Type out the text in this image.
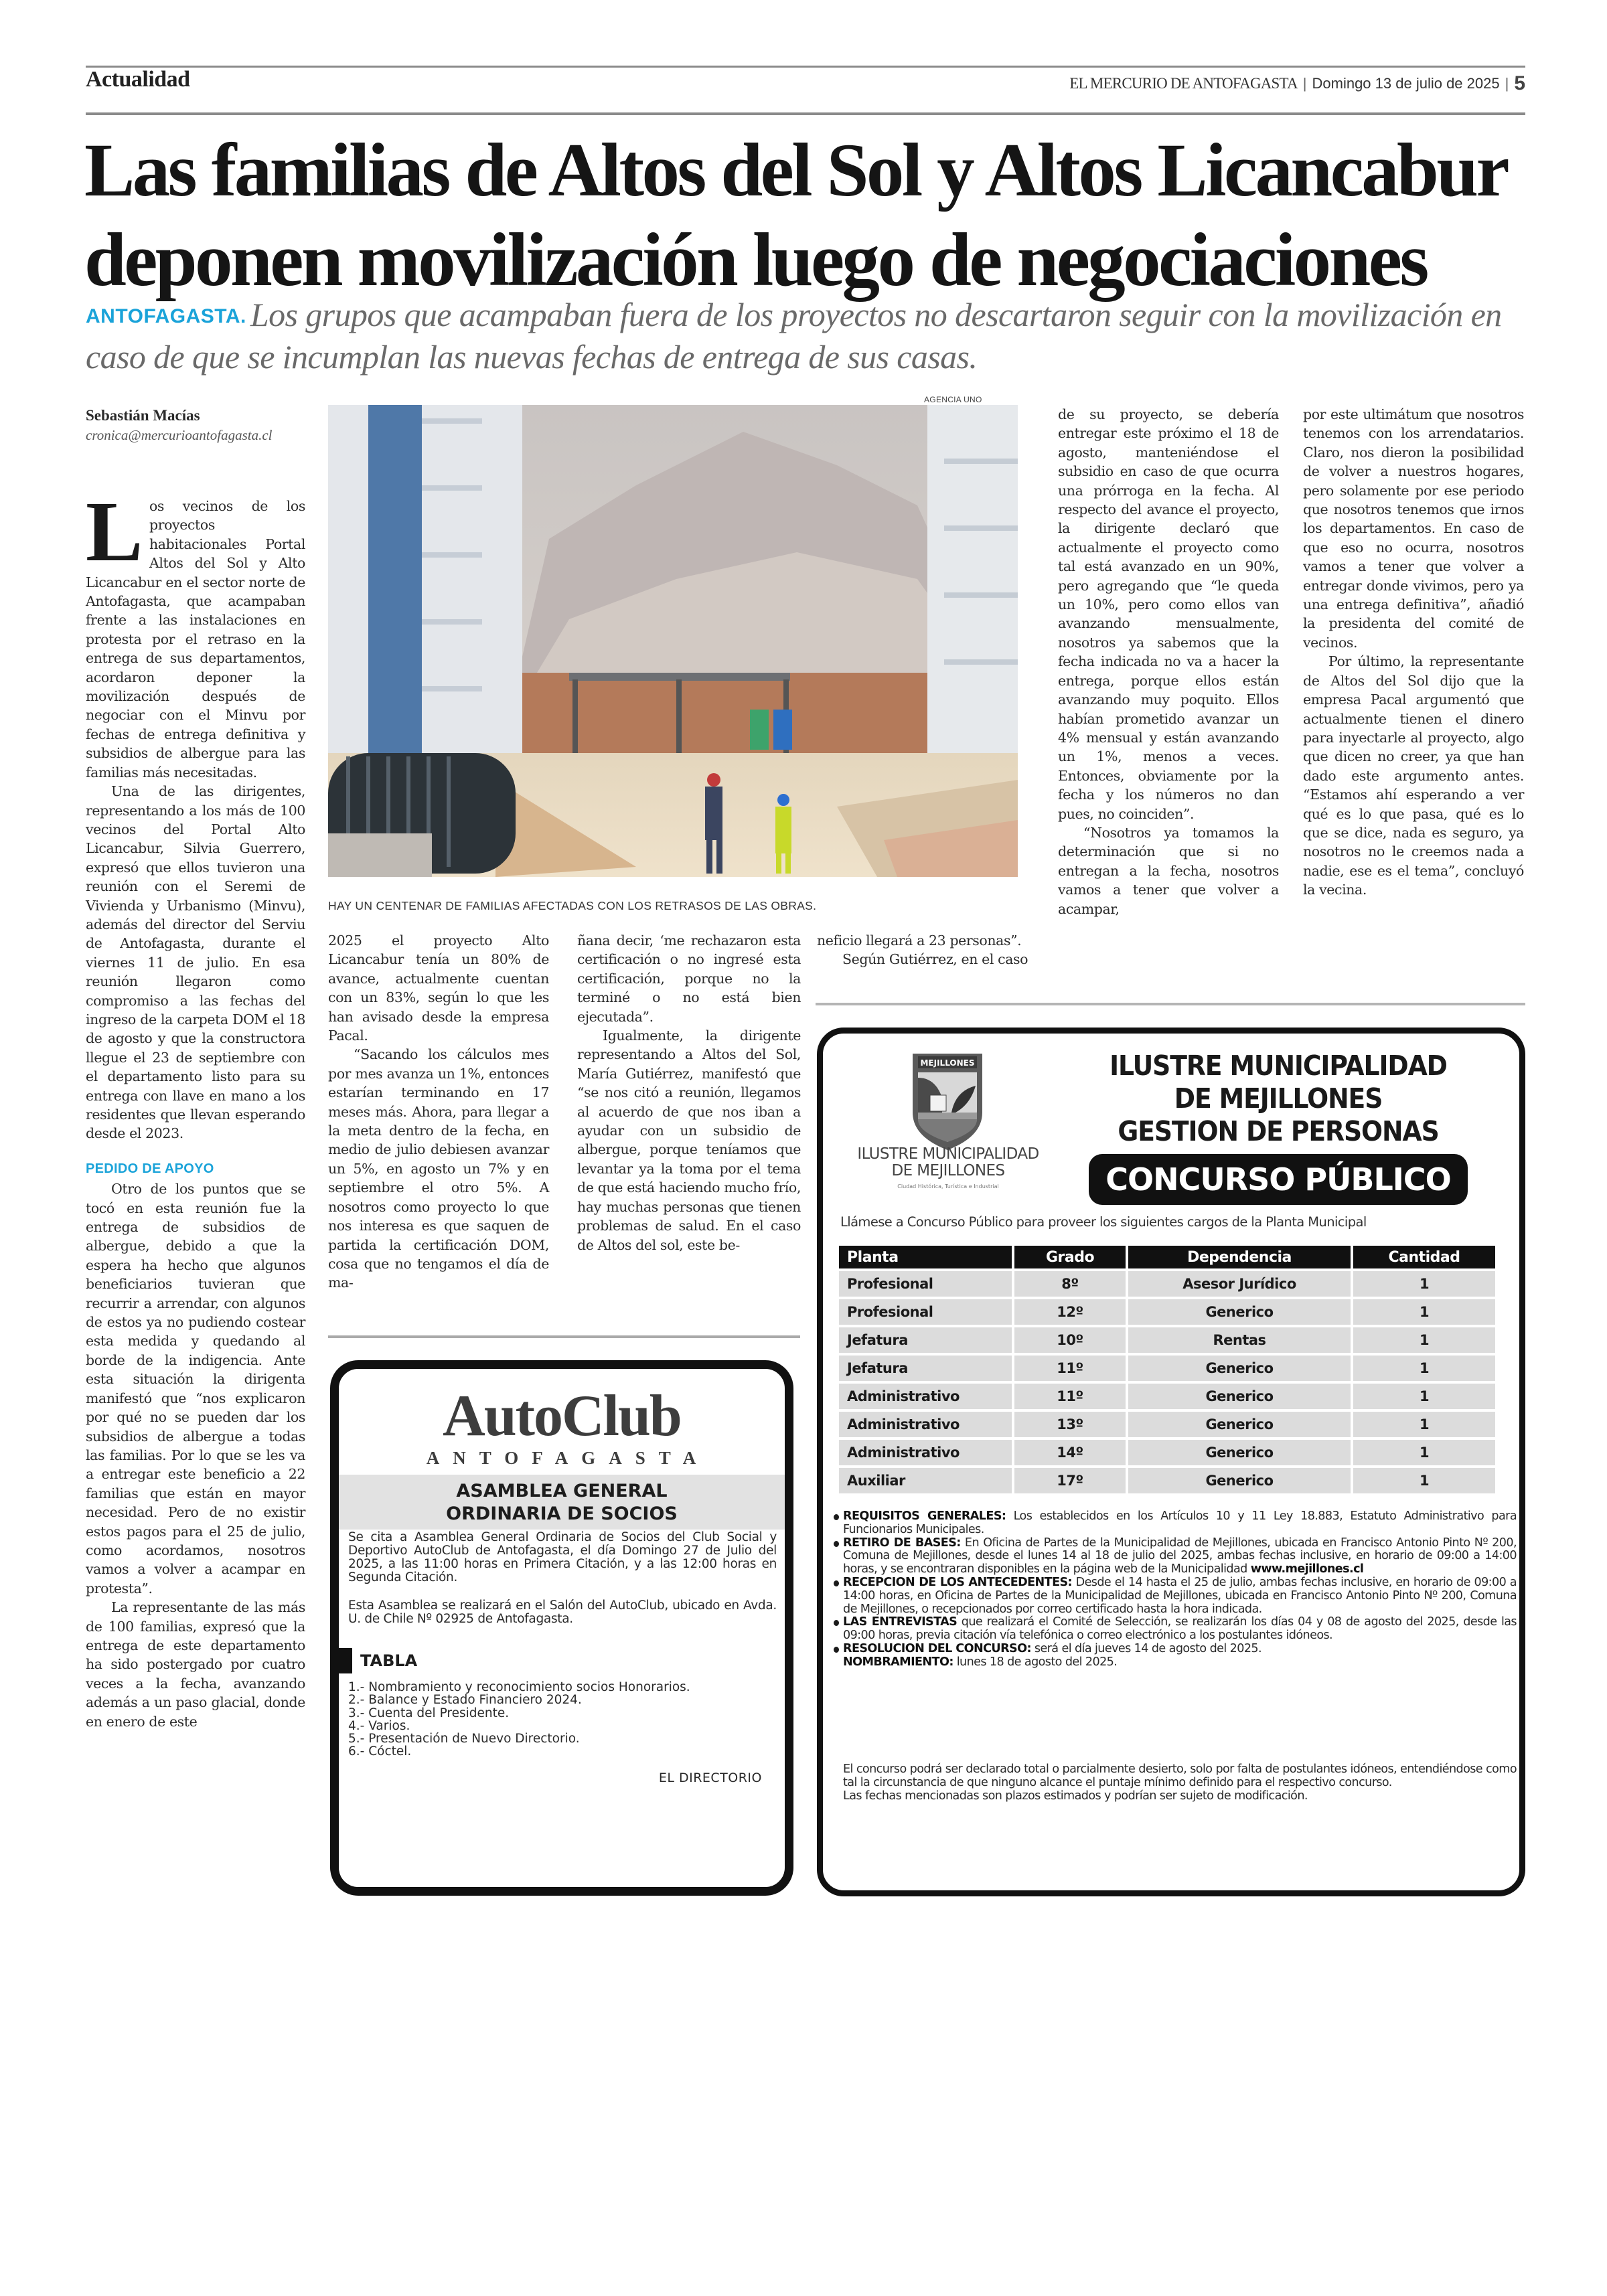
Actualidad	EL MERCURIO DE ANTOFAGASTA | Domingo 13 de julio de 2025 | 5
Las familias de Altos del Sol y Altos Licancabur
deponen movilización luego de negociaciones
ANTOFAGASTA. Los grupos que acampaban fuera de los proyectos no descartaron seguir con la movilización en caso de que se incumplan las nuevas fechas de entrega de sus casas.
Sebastián Macías
cronica@mercurioantofagasta.cl

Los vecinos de los proyectos habitacionales Portal Altos del Sol y Alto Licancabur en el sector norte de Antofagasta, que acampaban frente a las instalaciones en protesta por el retraso en la entrega de sus departamentos, acordaron deponer la movilización después de negociar con el Minvu por fechas de entrega definitiva y subsidios de albergue para las familias más necesitadas.

Una de las dirigentes, representando a los más de 100 vecinos del Portal Alto Licancabur, Silvia Guerrero, expresó que ellos tuvieron una reunión con el Seremi de Vivienda y Urbanismo (Minvu), además del director del Serviu de Antofagasta, durante el viernes 11 de julio. En esa reunión llegaron como compromiso a las fechas del ingreso de la carpeta DOM el 18 de agosto y que la constructora llegue el 23 de septiembre con el departamento listo para su entrega con llave en mano a los residentes que llevan esperando desde el 2023.

PEDIDO DE APOYO

Otro de los puntos que se tocó en esta reunión fue la entrega de subsidios de albergue, debido a que la espera ha hecho que algunos beneficiarios tuvieran que recurrir a arrendar, con algunos de estos ya no pudiendo costear esta medida y quedando al borde de la indigencia. Ante esta situación la dirigenta manifestó que “nos explicaron por qué no se pueden dar los subsidios de albergue a todas las familias. Por lo que se les va a entregar este beneficio a 22 familias que están en mayor necesidad. Pero de no existir estos pagos para el 25 de julio, como acordamos, nosotros vamos a volver a acampar en protesta”.

La representante de las más de 100 familias, expresó que la entrega de este departamento ha sido postergado por cuatro veces a la fecha, avanzando además a un paso glacial, donde en enero de este

AGENCIA UNO
HAY UN CENTENAR DE FAMILIAS AFECTADAS CON LOS RETRASOS DE LAS OBRAS.

2025 el proyecto Alto Licancabur tenía un 80% de avance, actualmente cuentan con un 83%, según lo que les han avisado desde la empresa Pacal.

“Sacando los cálculos mes por mes avanza un 1%, entonces estarían terminando en 17 meses más. Ahora, para llegar a la meta dentro de la fecha, en medio de julio debiesen avanzar un 5%, en agosto un 7% y en septiembre el otro 5%. A nosotros como proyecto lo que nos interesa es que saquen de partida la certificación DOM, cosa que no tengamos el día de ma-

ñana decir, ‘me rechazaron esta certificación o no ingresé esta certificación, porque no la terminé o no está bien ejecutada”.

Igualmente, la dirigente representando a Altos del Sol, María Gutiérrez, manifestó que “se nos citó a reunión, llegamos al acuerdo de que nos iban a ayudar con un subsidio de albergue, porque teníamos que levantar ya la toma por el tema de que está haciendo mucho frío, hay muchas personas que tienen problemas de salud. En el caso de Altos del sol, este be-

neficio llegará a 23 personas”.

Según Gutiérrez, en el caso

de su proyecto, se debería entregar este próximo el 18 de agosto, manteniéndose el subsidio en caso de que ocurra una prórroga en la fecha. Al respecto del avance el proyecto, la dirigente declaró que actualmente el proyecto como tal está avanzado en un 90%, pero agregando que “le queda un 10%, pero como ellos van avanzando mensualmente, nosotros ya sabemos que la fecha indicada no va a hacer la entrega, porque ellos están avanzando muy poquito. Ellos habían prometido avanzar un 4% mensual y están avanzando un 1%, menos a veces. Entonces, obviamente por la fecha y los números no dan pues, no coinciden”.

“Nosotros ya tomamos la determinación que si no entregan a la fecha, nosotros vamos a tener que volver a acampar,

por este ultimátum que nosotros tenemos con los arrendatarios. Claro, nos dieron la posibilidad de volver a nuestros hogares, pero solamente por ese periodo que nosotros tenemos que irnos los departamentos. En caso de que eso no ocurra, nosotros vamos a tener que volver a entregar donde vivimos, pero ya una entrega definitiva”, añadió la presidenta del comité de vecinos.

Por último, la representante de Altos del Sol dijo que la empresa Pacal argumentó que actualmente tienen el dinero para inyectarle al proyecto, algo que dicen no creer, ya que han dado este argumento antes. “Estamos ahí esperando a ver qué es lo que pasa, qué es lo que se dice, nada es seguro, ya nosotros no le creemos nada a nadie, ese es el tema”, concluyó la vecina.

AutoClub
ANTOFAGASTA
ASAMBLEA GENERAL
ORDINARIA DE SOCIOS

Se cita a Asamblea General Ordinaria de Socios del Club Social y Deportivo AutoClub de Antofagasta, el día Domingo 27 de Julio del 2025, a las 11:00 horas en Primera Citación, y a las 12:00 horas en Segunda Citación.

Esta Asamblea se realizará en el Salón del AutoClub, ubicado en Avda. U. de Chile Nº 02925 de Antofagasta.

TABLA
1.- Nombramiento y reconocimiento socios Honorarios.
2.- Balance y Estado Financiero 2024.
3.- Cuenta del Presidente.
4.- Varios.
5.- Presentación de Nuevo Directorio.
6.- Cóctel.
EL DIRECTORIO
MEJILLONES
ILUSTRE MUNICIPALIDAD
DE MEJILLONES
Ciudad Histórica, Turística e Industrial
ILUSTRE MUNICIPALIDAD
DE MEJILLONES
GESTION DE PERSONAS
CONCURSO PÚBLICO
Llámese a Concurso Público para proveer los siguientes cargos de la Planta Municipal
Planta	Grado	Dependencia	Cantidad
Profesional	8º	Asesor Jurídico	1
Profesional	12º	Generico	1
Jefatura	10º	Rentas	1
Jefatura	11º	Generico	1
Administrativo	11º	Generico	1
Administrativo	13º	Generico	1
Administrativo	14º	Generico	1
Auxiliar	17º	Generico	1
REQUISITOS GENERALES: Los establecidos en los Artículos 10 y 11 Ley 18.883, Estatuto Administrativo para Funcionarios Municipales.
RETIRO DE BASES: En Oficina de Partes de la Municipalidad de Mejillones, ubicada en Francisco Antonio Pinto Nº 200, Comuna de Mejillones, desde el lunes 14 al 18 de julio del 2025, ambas fechas inclusive, en horario de 09:00 a 14:00 horas, y se encontraran disponibles en la página web de la Municipalidad www.mejillones.cl
RECEPCION DE LOS ANTECEDENTES: Desde el 14 hasta el 25 de julio, ambas fechas inclusive, en horario de 09:00 a 14:00 horas, en Oficina de Partes de la Municipalidad de Mejillones, ubicada en Francisco Antonio Pinto Nº 200, Comuna de Mejillones, o recepcionados por correo certificado hasta la hora indicada.
LAS ENTREVISTAS que realizará el Comité de Selección, se realizarán los días 04 y 08 de agosto del 2025, desde las 09:00 horas, previa citación vía telefónica o correo electrónico a los postulantes idóneos.
RESOLUCION DEL CONCURSO: será el día jueves 14 de agosto del 2025.
NOMBRAMIENTO: lunes 18 de agosto del 2025.
El concurso podrá ser declarado total o parcialmente desierto, solo por falta de postulantes idóneos, entendiéndose como tal la circunstancia de que ninguno alcance el puntaje mínimo definido para el respectivo concurso.
Las fechas mencionadas son plazos estimados y podrían ser sujeto de modificación.
